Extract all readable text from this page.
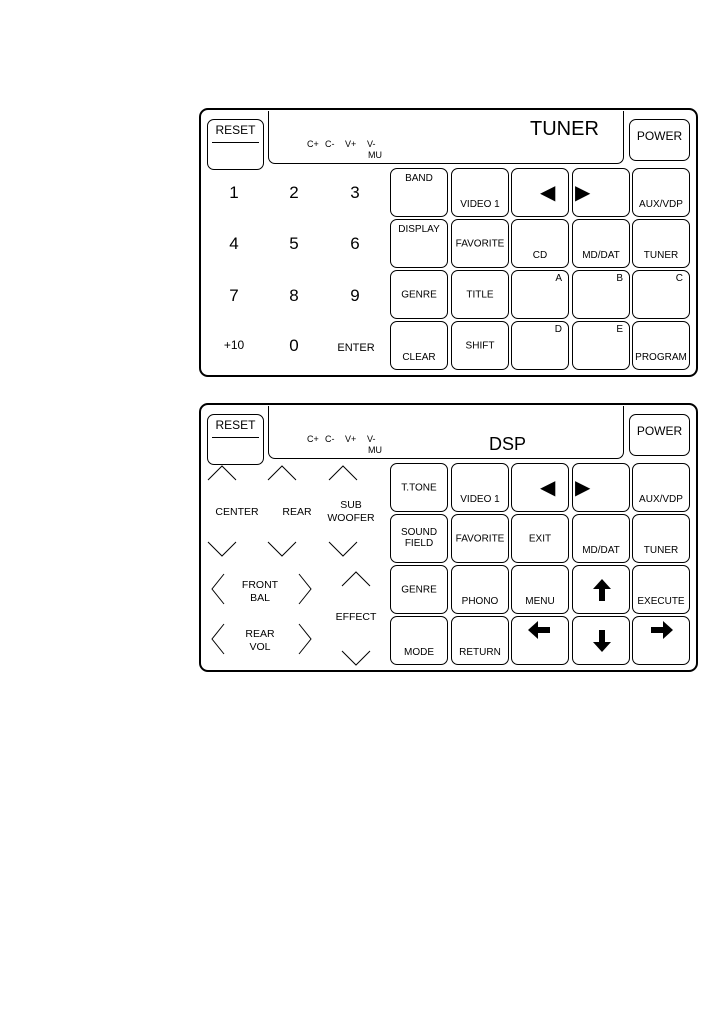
RESET
C+ C- V+ V-
MU
TUNER	POWER
1	2	3
4	5	6
7	8	9
+10	0	ENTER
BAND
VIDEO 1
◀ ▶
AUX/VDP
DISPLAY
FAVORITE
CD	MD/DAT	TUNER
GENRE	TITLE
A	B	C
CLEAR
SHIFT
D	E
PROGRAM
RESET
C+ C- V+ V-
MU	DSP
POWER
CENTER	REAR
SUB
WOOFER
FRONT
BAL
REAR
VOL
EFFECT
T.TONE
VIDEO 1
◀ ▶
AUX/VDP
SOUND
FIELD	FAVORITE	EXIT
MD/DAT	TUNER
GENRE
PHONO	MENU	EXECUTE
MODE	RETURN
